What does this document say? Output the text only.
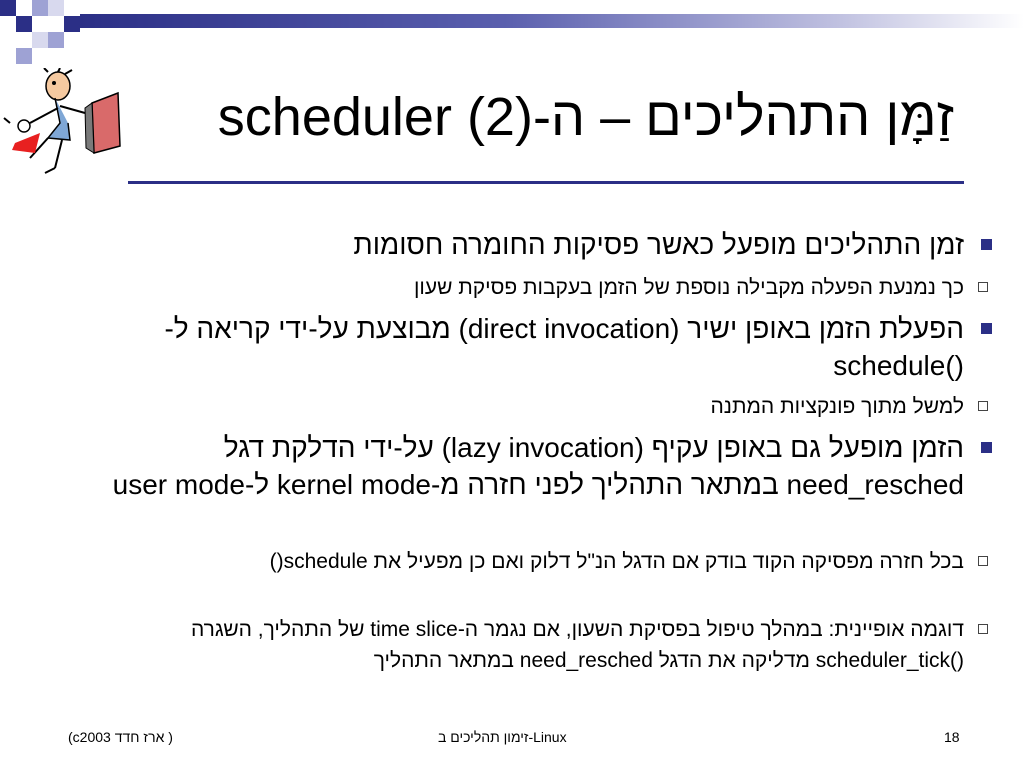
זַמָּן התהליכים – ה-scheduler (2)
זמן התהליכים מופעל כאשר פסיקות החומרה חסומות
כך נמנעת הפעלה מקבילה נוספת של הזמן בעקבות פסיקת שעון
הפעלת הזמן באופן ישיר (direct invocation) מבוצעת על-ידי קריאה ל-()schedule
למשל מתוך פונקציות המתנה
הזמן מופעל גם באופן עקיף (lazy invocation) על-ידי הדלקת דגל need_resched במתאר התהליך לפני חזרה מ-kernel mode ל-user mode
בכל חזרה מפסיקה הקוד בודק אם הדגל הנ"ל דלוק ואם כן מפעיל את schedule()
דוגמה אופיינית: במהלך טיפול בפסיקת השעון, אם נגמר ה-time slice של התהליך, השגרה ()scheduler_tick מדליקה את הדגל need_resched במתאר התהליך
(c2003 ארז חדד )	זימון תהליכים ב-Linux	18
